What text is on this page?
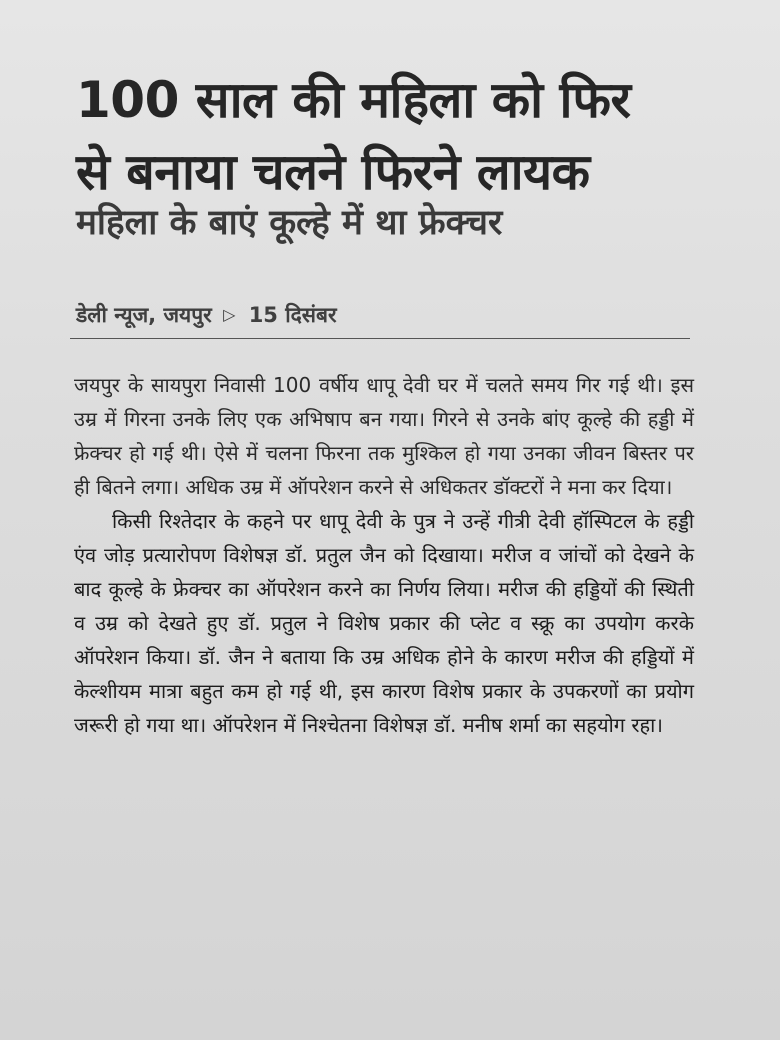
100 साल की महिला को फिर
से बनाया चलने फिरने लायक
महिला के बाएं कूल्हे में था फ्रेक्चर
डेली न्यूज, जयपुर ▷ 15 दिसंबर

जयपुर के सायपुरा निवासी 100 वर्षीय धापू देवी घर में चलते समय गिर गई थी। इस उम्र में गिरना उनके लिए एक अभिषाप बन गया। गिरने से उनके बांए कूल्हे की हड्डी में फ्रेक्चर हो गई थी। ऐसे में चलना फिरना तक मुश्किल हो गया उनका जीवन बिस्तर पर ही बितने लगा। अधिक उम्र में ऑपरेशन करने से अधिकतर डॉक्टरों ने मना कर दिया।

किसी रिश्तेदार के कहने पर धापू देवी के पुत्र ने उन्हें गीत्री देवी हॉस्पिटल के हड्डी एंव जोड़ प्रत्यारोपण विशेषज्ञ डॉ. प्रतुल जैन को दिखाया। मरीज व जांचों को देखने के बाद कूल्हे के फ्रेक्चर का ऑपरेशन करने का निर्णय लिया। मरीज की हड्डियों की स्थिती व उम्र को देखते हुए डॉ. प्रतुल ने विशेष प्रकार की प्लेट व स्क्रू का उपयोग करके ऑपरेशन किया। डॉ. जैन ने बताया कि उम्र अधिक होने के कारण मरीज की हड्डियों में केल्शीयम मात्रा बहुत कम हो गई थी, इस कारण विशेष प्रकार के उपकरणों का प्रयोग जरूरी हो गया था। ऑपरेशन में निश्चेतना विशेषज्ञ डॉ. मनीष शर्मा का सहयोग रहा।
